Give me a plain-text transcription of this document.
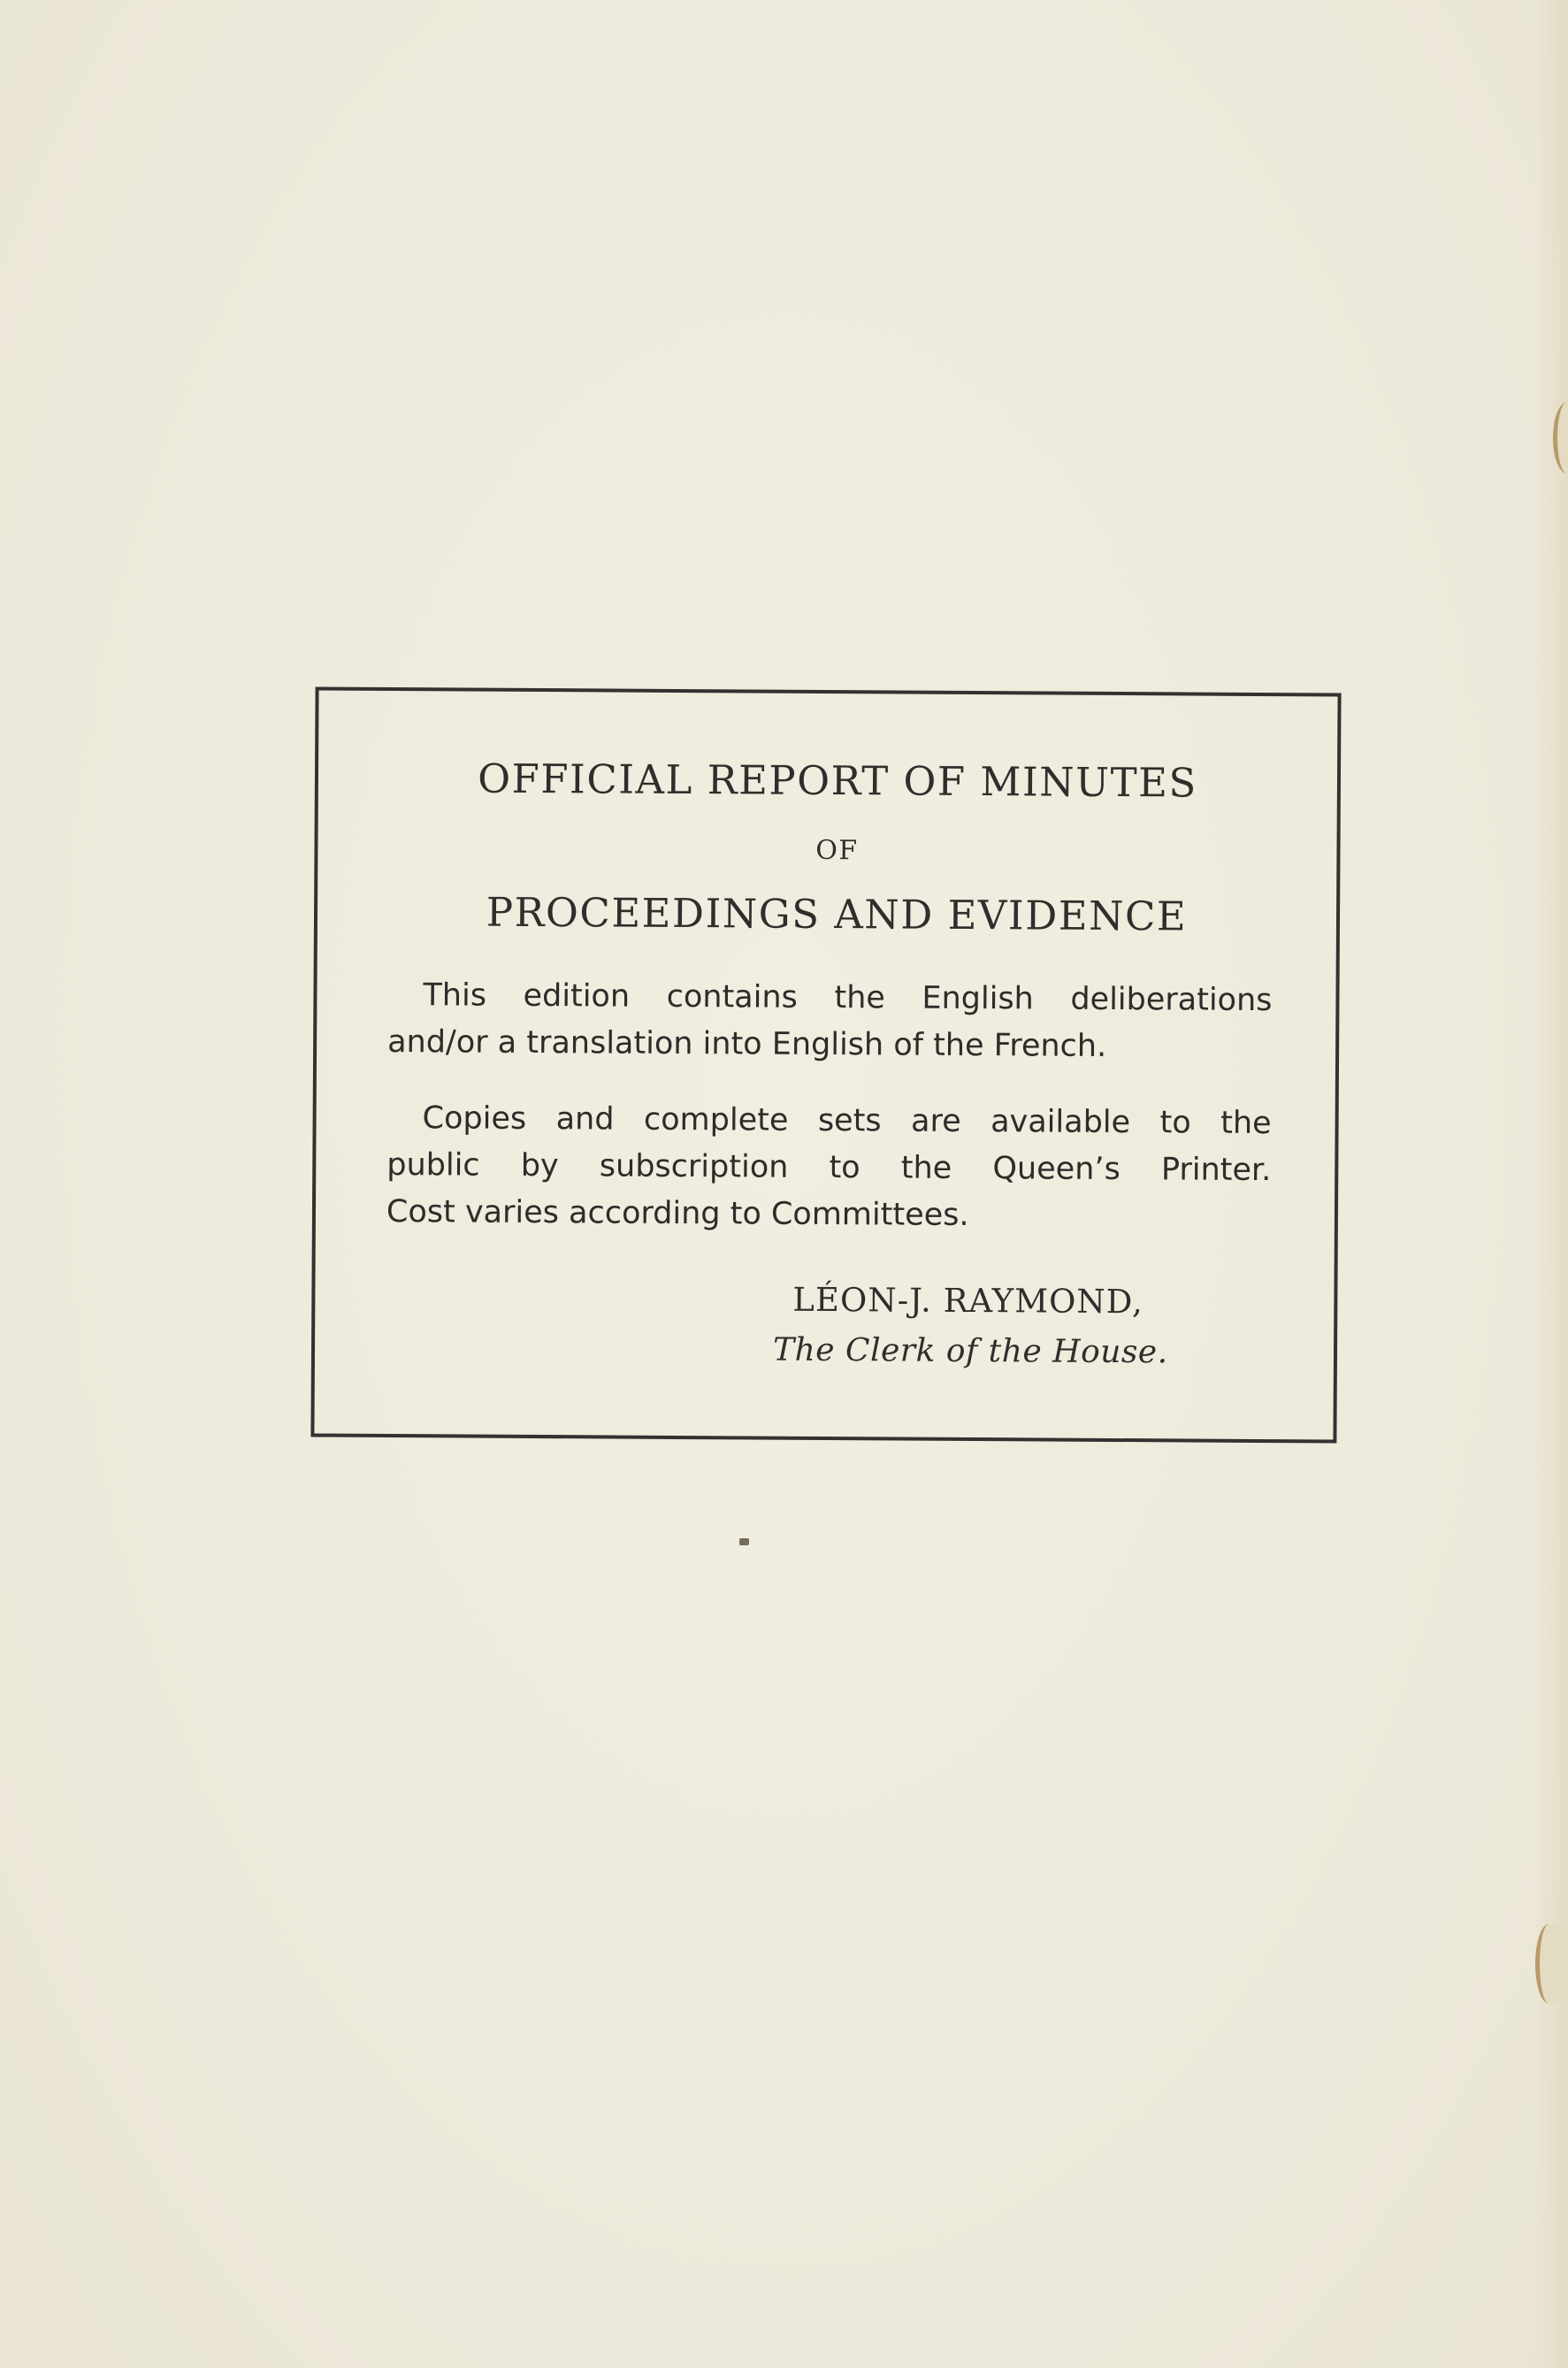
OFFICIAL REPORT OF MINUTES
OF
PROCEEDINGS AND EVIDENCE
This edition contains the English deliberations
and/or a translation into English of the French.
Copies and complete sets are available to the
public by subscription to the Queen’s Printer.
Cost varies according to Committees.
LÉON-J. RAYMOND,
The Clerk of the House.
